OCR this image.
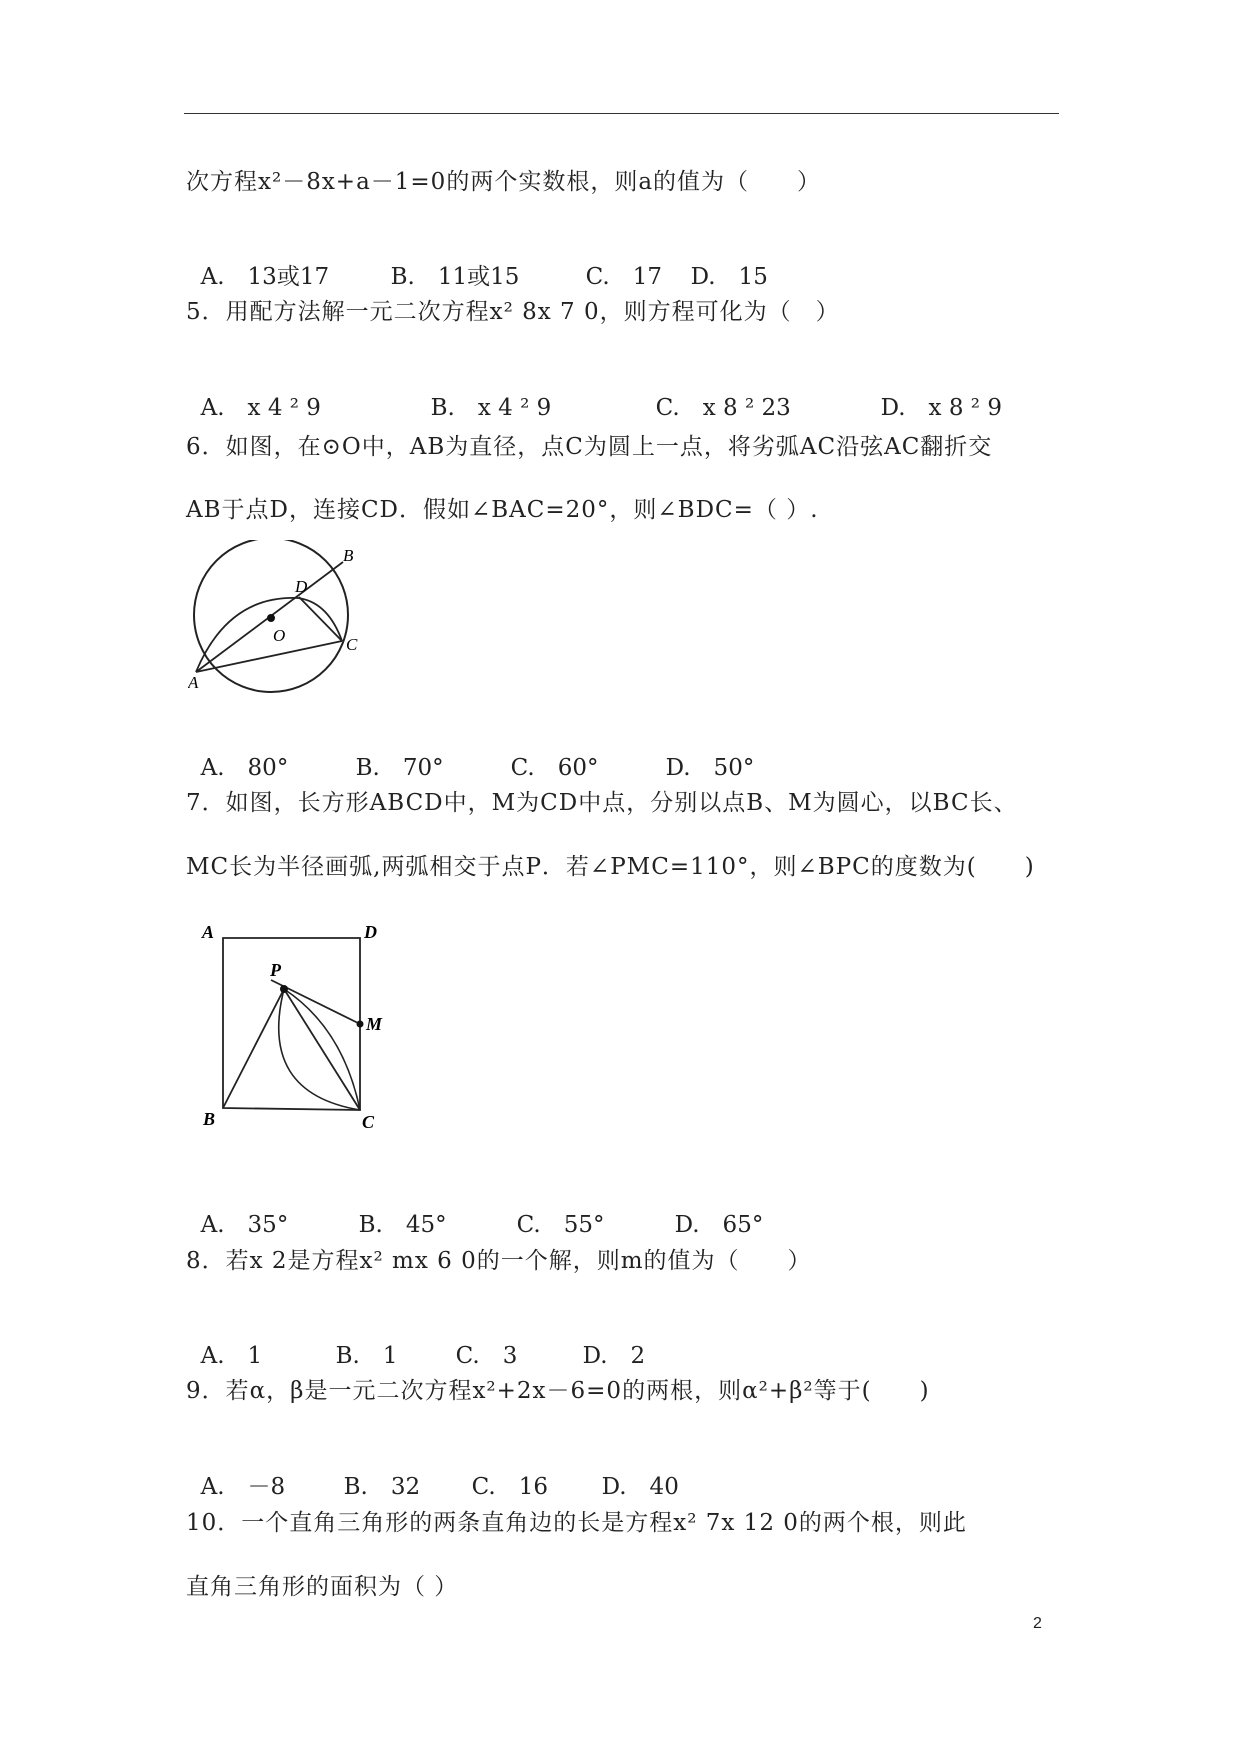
次方程x²－8x+a－1=0的两个实数根，则a的值为（　　）

A.　13或17	B.　11或15	C.　17 D.　15

5．用配方法解一元二次方程x² 8x 7 0，则方程可化为（　）

A.　x 4 ² 9	B.　x 4 ² 9	C.　x 8 ² 23	D.　x 8 ² 9

6．如图，在⊙O中，AB为直径，点C为圆上一点，将劣弧AC沿弦AC翻折交
AB于点D，连接CD．假如∠BAC=20°，则∠BDC=（ ）.
A
B
C
D
O

A.　80°	B.　70°	C.　60°	D.　50°

7．如图，长方形ABCD中，M为CD中点，分别以点B、M为圆心，以BC长、
MC长为半径画弧,两弧相交于点P．若∠PMC=110°，则∠BPC的度数为(　　)
A	D
P
M
B	C

A.　35°	B.　45°	C.　55°	D.　65°

8．若x 2是方程x² mx 6 0的一个解，则m的值为（　　）

A.　1	B.　1	C.　3	D.　2

9．若α，β是一元二次方程x²+2x－6=0的两根，则α²+β²等于(　　)

A.　－8	B.　32 C.　16 D.　40

10．一个直角三角形的两条直角边的长是方程x² 7x 12 0的两个根，则此
直角三角形的面积为（ ）
2
